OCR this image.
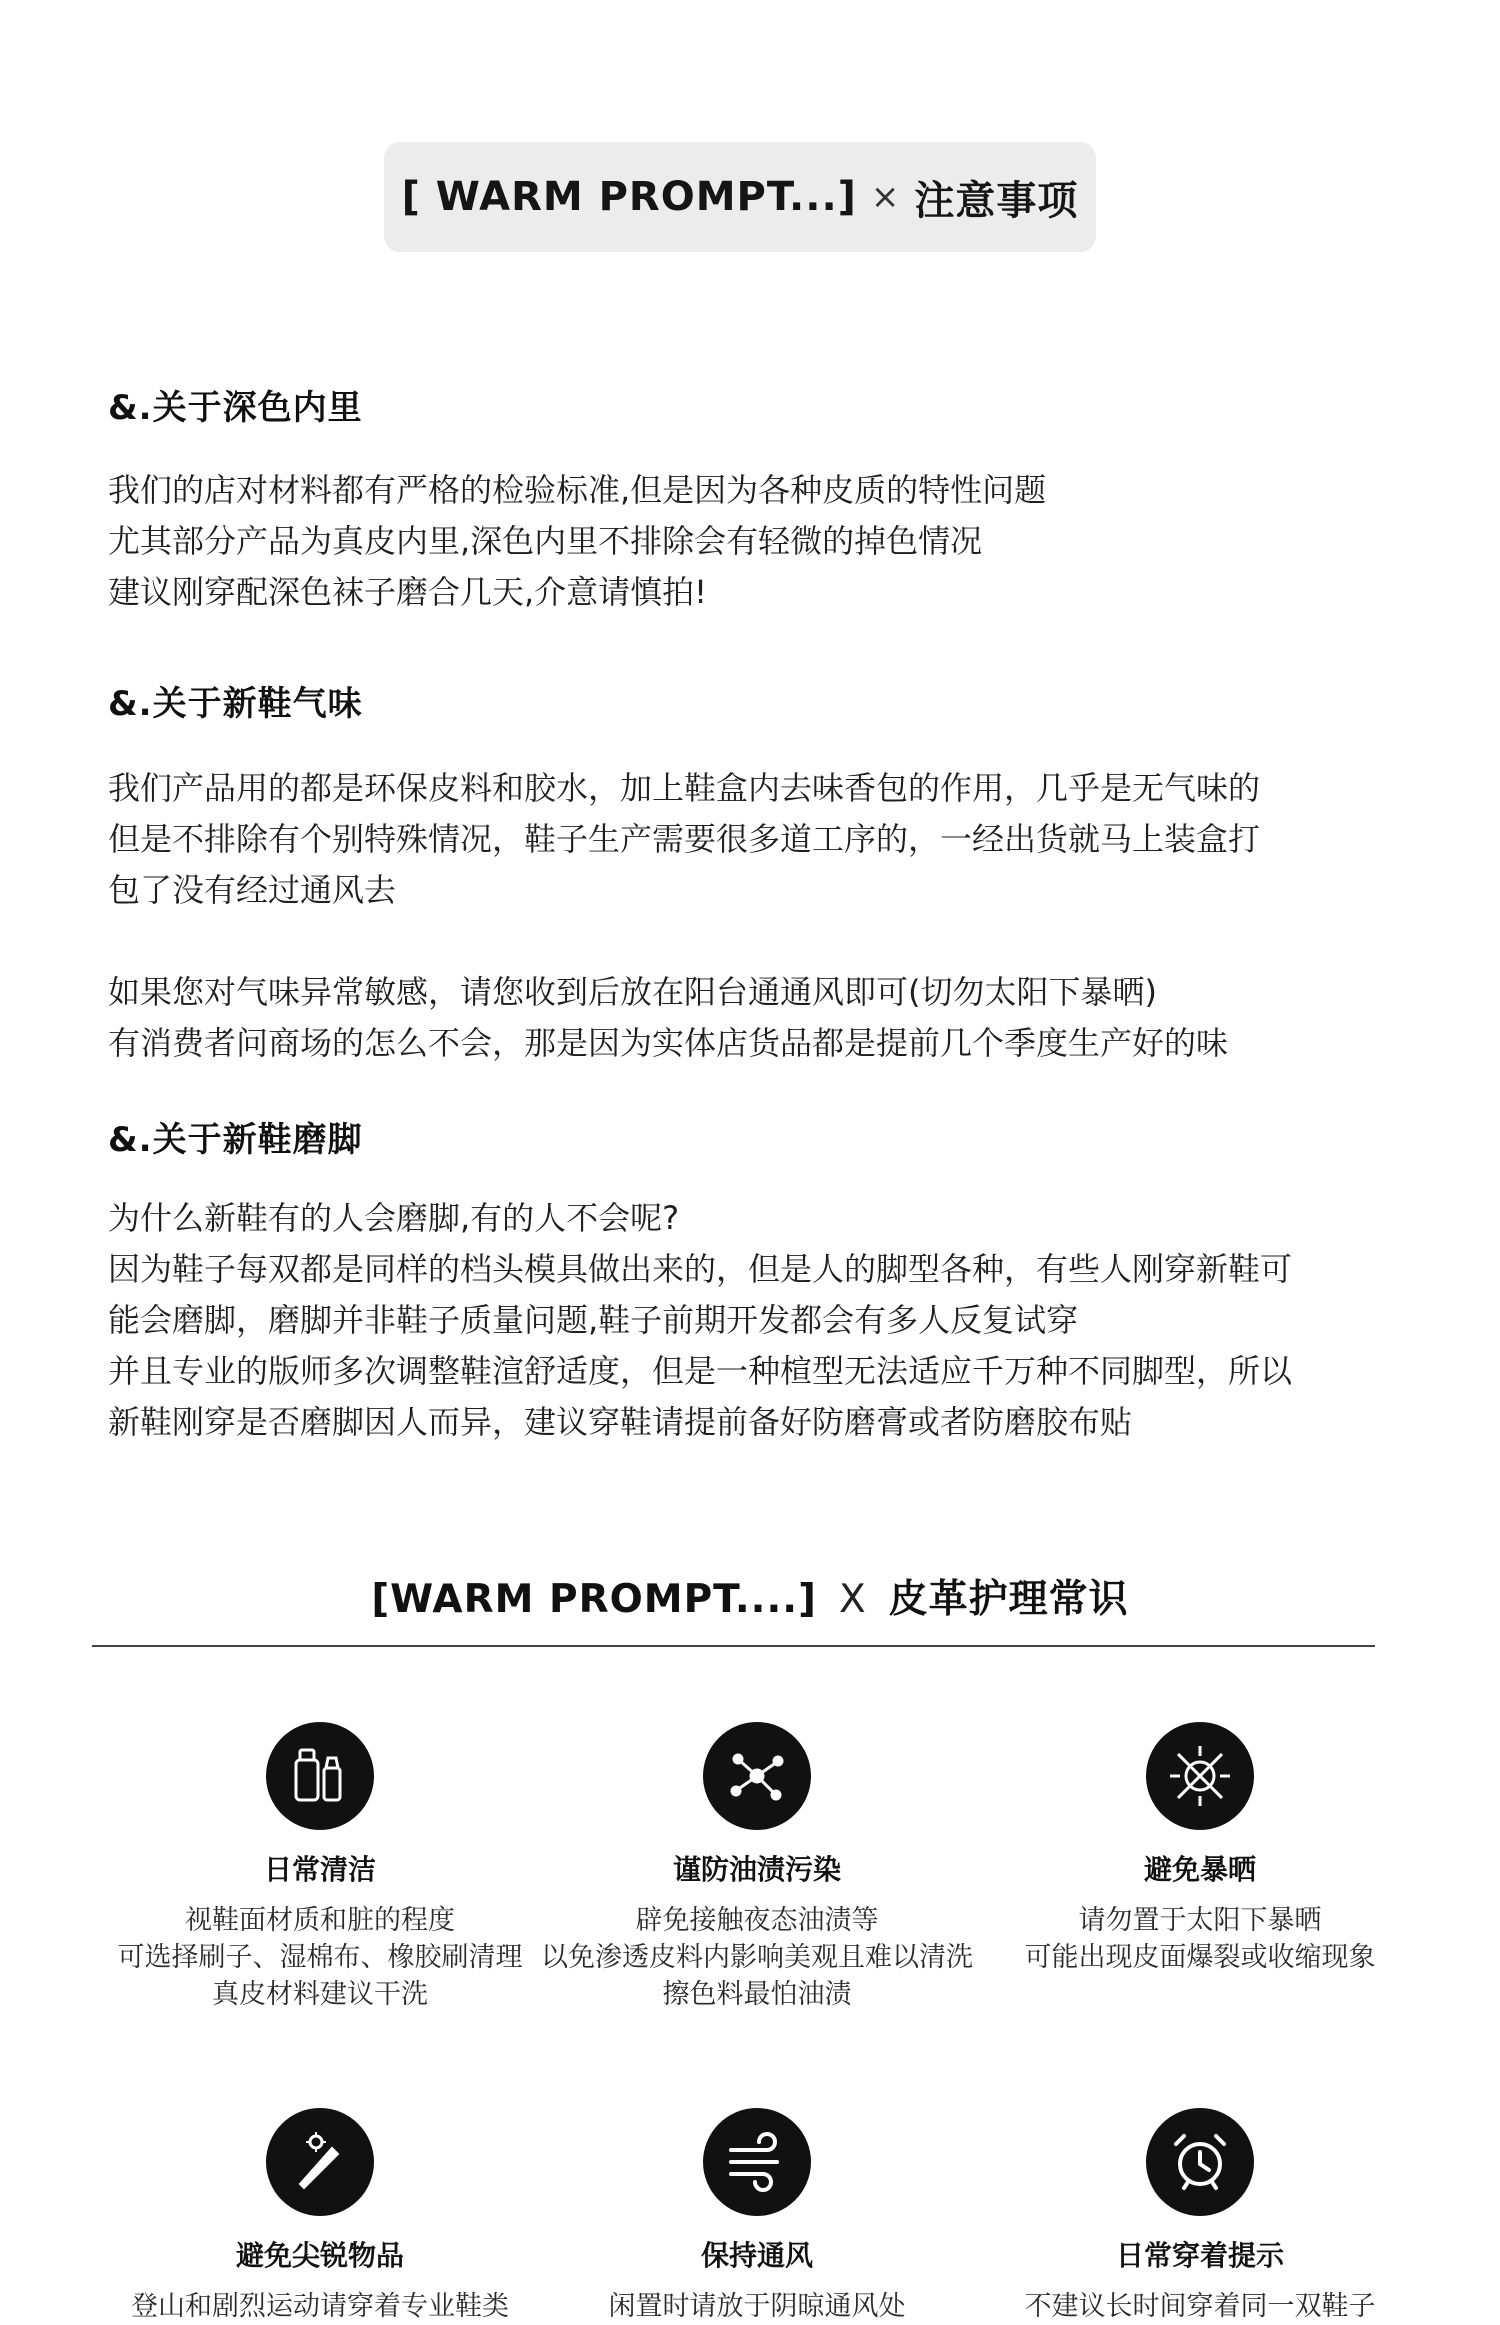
[ WARM PROMPT...] × 注意事项
&.关于深色内里
我们的店对材料都有严格的检验标准,但是因为各种皮质的特性问题
尤其部分产品为真皮内里,深色内里不排除会有轻微的掉色情况
建议刚穿配深色袜子磨合几天,介意请慎拍!
&.关于新鞋气味
我们产品用的都是环保皮料和胶水，加上鞋盒内去味香包的作用，几乎是无气味的
但是不排除有个别特殊情况，鞋子生产需要很多道工序的，一经出货就马上装盒打
包了没有经过通风去
如果您对气味异常敏感，请您收到后放在阳台通通风即可(切勿太阳下暴晒)
有消费者问商场的怎么不会，那是因为实体店货品都是提前几个季度生产好的味
&.关于新鞋磨脚
为什么新鞋有的人会磨脚,有的人不会呢?
因为鞋子每双都是同样的档头模具做出来的，但是人的脚型各种，有些人刚穿新鞋可
能会磨脚，磨脚并非鞋子质量问题,鞋子前期开发都会有多人反复试穿
并且专业的版师多次调整鞋渲舒适度，但是一种楦型无法适应千万种不同脚型，所以
新鞋刚穿是否磨脚因人而异，建议穿鞋请提前备好防磨膏或者防磨胶布贴
[WARM PROMPT....] X 皮革护理常识
日常清洁
视鞋面材质和脏的程度
可选择刷子、湿棉布、橡胶刷清理
真皮材料建议干洗
谨防油渍污染
辟免接触夜态油渍等
以免渗透皮料内影响美观且难以清洗
擦色料最怕油渍
避免暴晒
请勿置于太阳下暴晒
可能出现皮面爆裂或收缩现象
避免尖锐物品
登山和剧烈运动请穿着专业鞋类
保持通风
闲置时请放于阴晾通风处
日常穿着提示
不建议长时间穿着同一双鞋子
